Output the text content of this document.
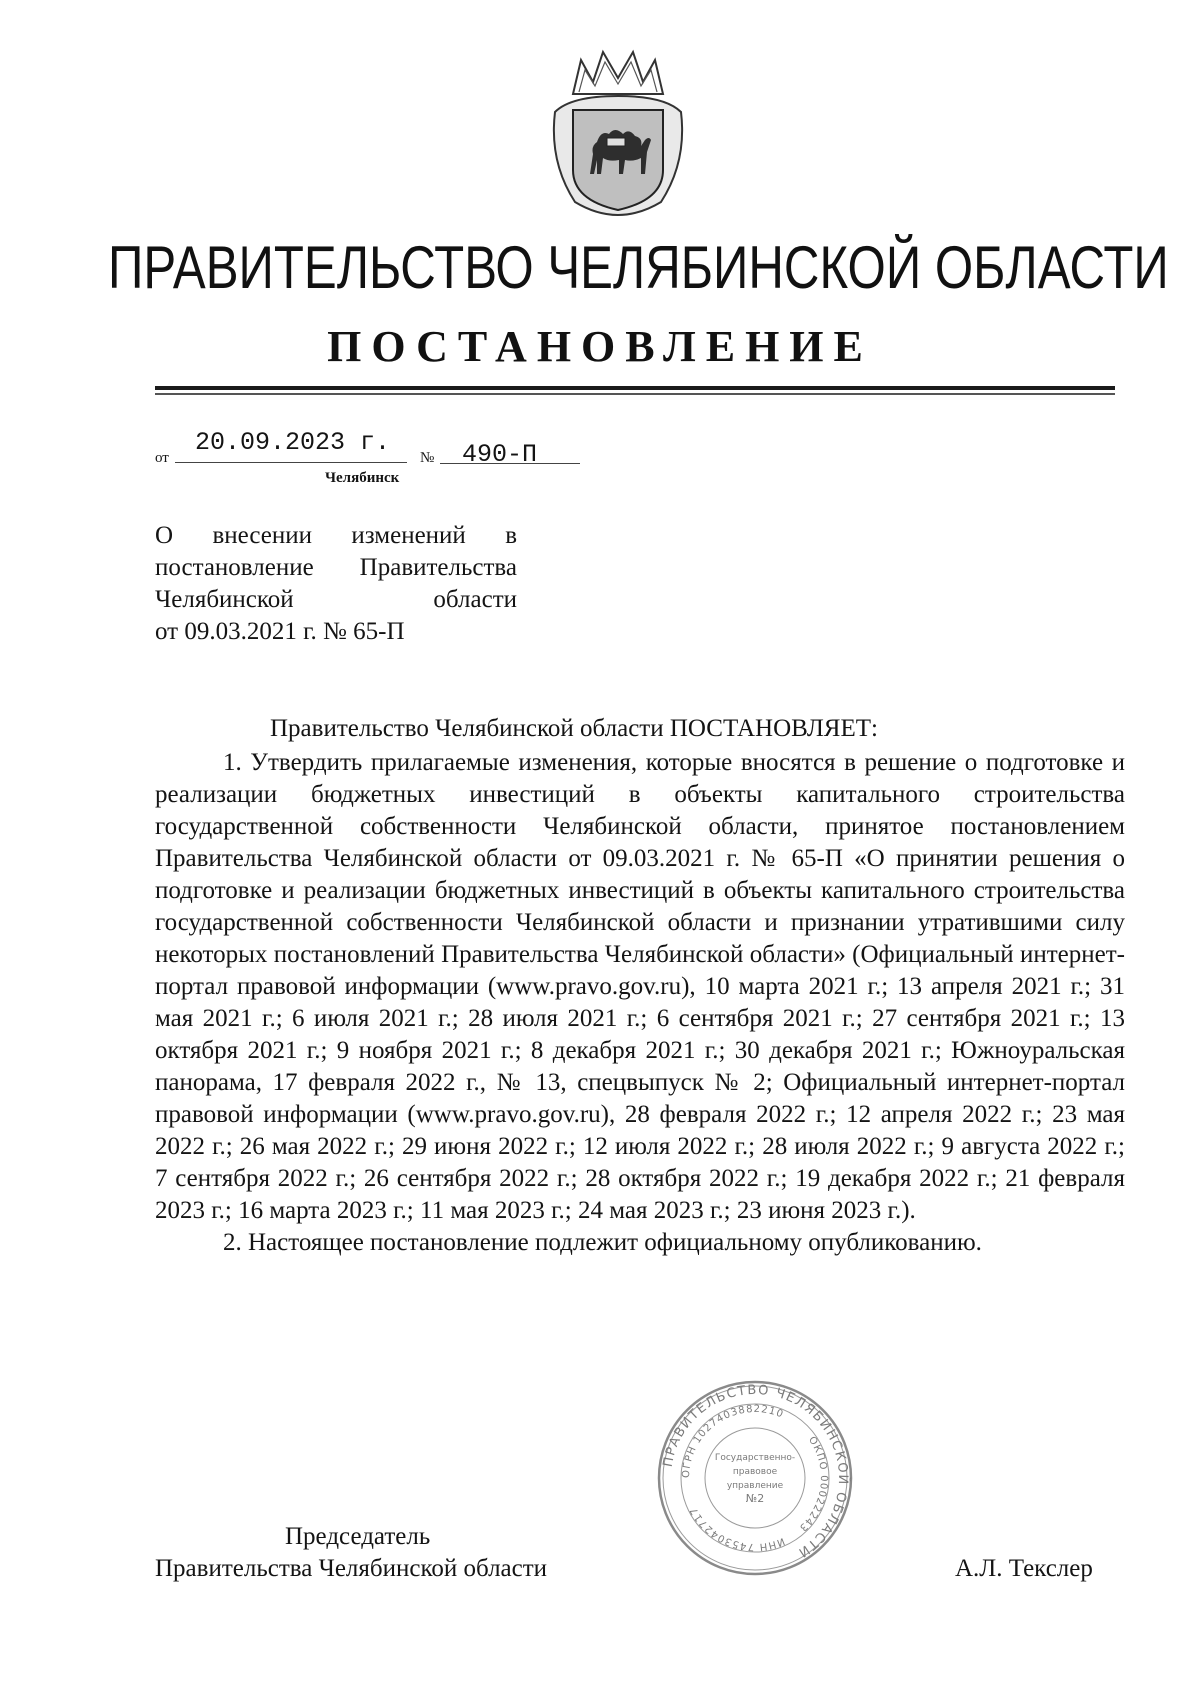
ПРАВИТЕЛЬСТВО ЧЕЛЯБИНСКОЙ ОБЛАСТИ
ПОСТАНОВЛЕНИЕ
от
20.09.2023 г.
№ 490-П
Челябинск
О внесении изменений в постановление Правительства Челябинской области
от 09.03.2021 г. № 65-П
Правительство Челябинской области ПОСТАНОВЛЯЕТ:

1. Утвердить прилагаемые изменения, которые вносятся в решение о подготовке и реализации бюджетных инвестиций в объекты капитального строительства государственной собственности Челябинской области, принятое постановлением Правительства Челябинской области от 09.03.2021 г. № 65-П «О принятии решения о подготовке и реализации бюджетных инвестиций в объекты капитального строительства государственной собственности Челябинской области и признании утратившими силу некоторых постановлений Правительства Челябинской области» (Официальный интернет-портал правовой информации (www.pravo.gov.ru), 10 марта 2021 г.; 13 апреля 2021 г.; 31 мая 2021 г.; 6 июля 2021 г.; 28 июля 2021 г.; 6 сентября 2021 г.; 27 сентября 2021 г.; 13 октября 2021 г.; 9 ноября 2021 г.; 8 декабря 2021 г.; 30 декабря 2021 г.; Южноуральская панорама, 17 февраля 2022 г., № 13, спецвыпуск № 2; Официальный интернет-портал правовой информации (www.pravo.gov.ru), 28 февраля 2022 г.; 12 апреля 2022 г.; 23 мая 2022 г.; 26 мая 2022 г.; 29 июня 2022 г.; 12 июля 2022 г.; 28 июля 2022 г.; 9 августа 2022 г.; 7 сентября 2022 г.; 26 сентября 2022 г.; 28 октября 2022 г.; 19 декабря 2022 г.; 21 февраля 2023 г.; 16 марта 2023 г.; 11 мая 2023 г.; 24 мая 2023 г.; 23 июня 2023 г.).

2. Настоящее постановление подлежит официальному опубликованию.

ПРАВИТЕЛЬСТВО ЧЕЛЯБИНСКОЙ ОБЛАСТИ
ОГРН 1027403882210
ОКПО 00022243
ИНН 7453042717
Государственно-
правовое
управление
№2
Председатель
Правительства Челябинской области	А.Л. Текслер
